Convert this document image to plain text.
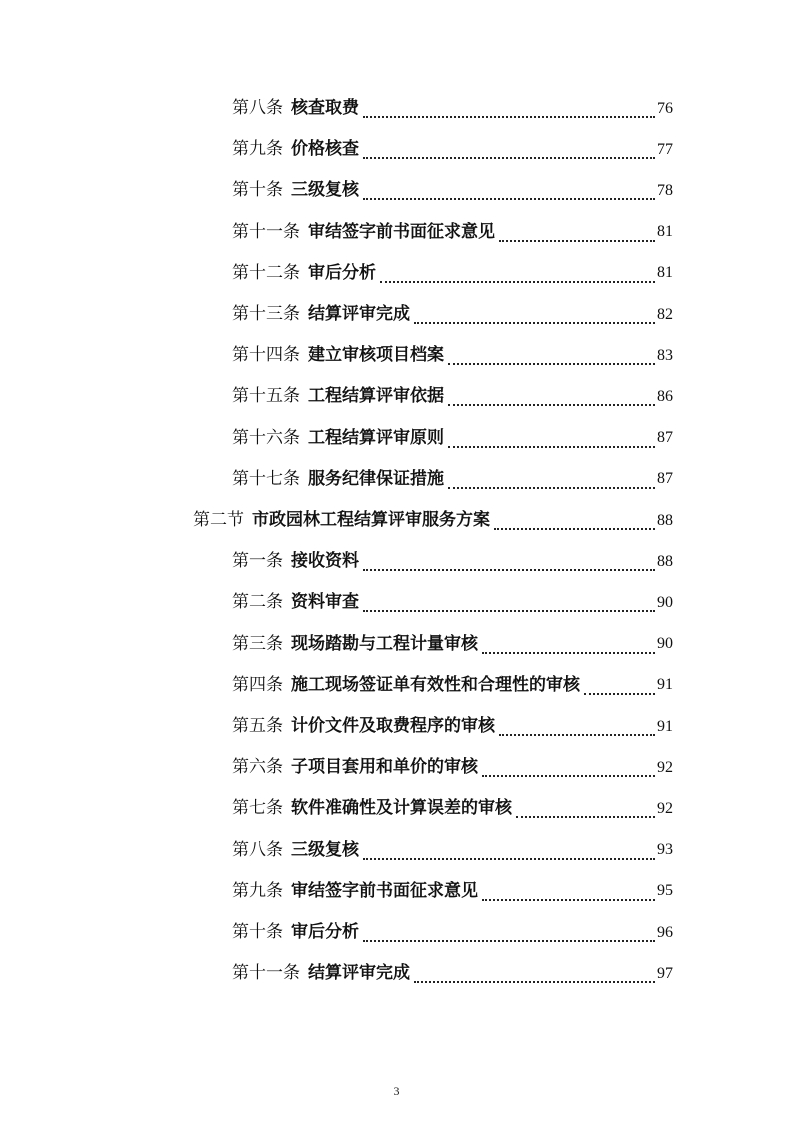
第八条 核查取费	76
第九条 价格核查	77
第十条 三级复核	78
第十一条 审结签字前书面征求意见	81
第十二条 审后分析	81
第十三条 结算评审完成	82
第十四条 建立审核项目档案	83
第十五条 工程结算评审依据	86
第十六条 工程结算评审原则	87
第十七条 服务纪律保证措施	87
第二节 市政园林工程结算评审服务方案	88
第一条 接收资料	88
第二条 资料审查	90
第三条 现场踏勘与工程计量审核	90
第四条 施工现场签证单有效性和合理性的审核	91
第五条 计价文件及取费程序的审核	91
第六条 子项目套用和单价的审核	92
第七条 软件准确性及计算误差的审核	92
第八条 三级复核	93
第九条 审结签字前书面征求意见	95
第十条 审后分析	96
第十一条 结算评审完成	97
3
